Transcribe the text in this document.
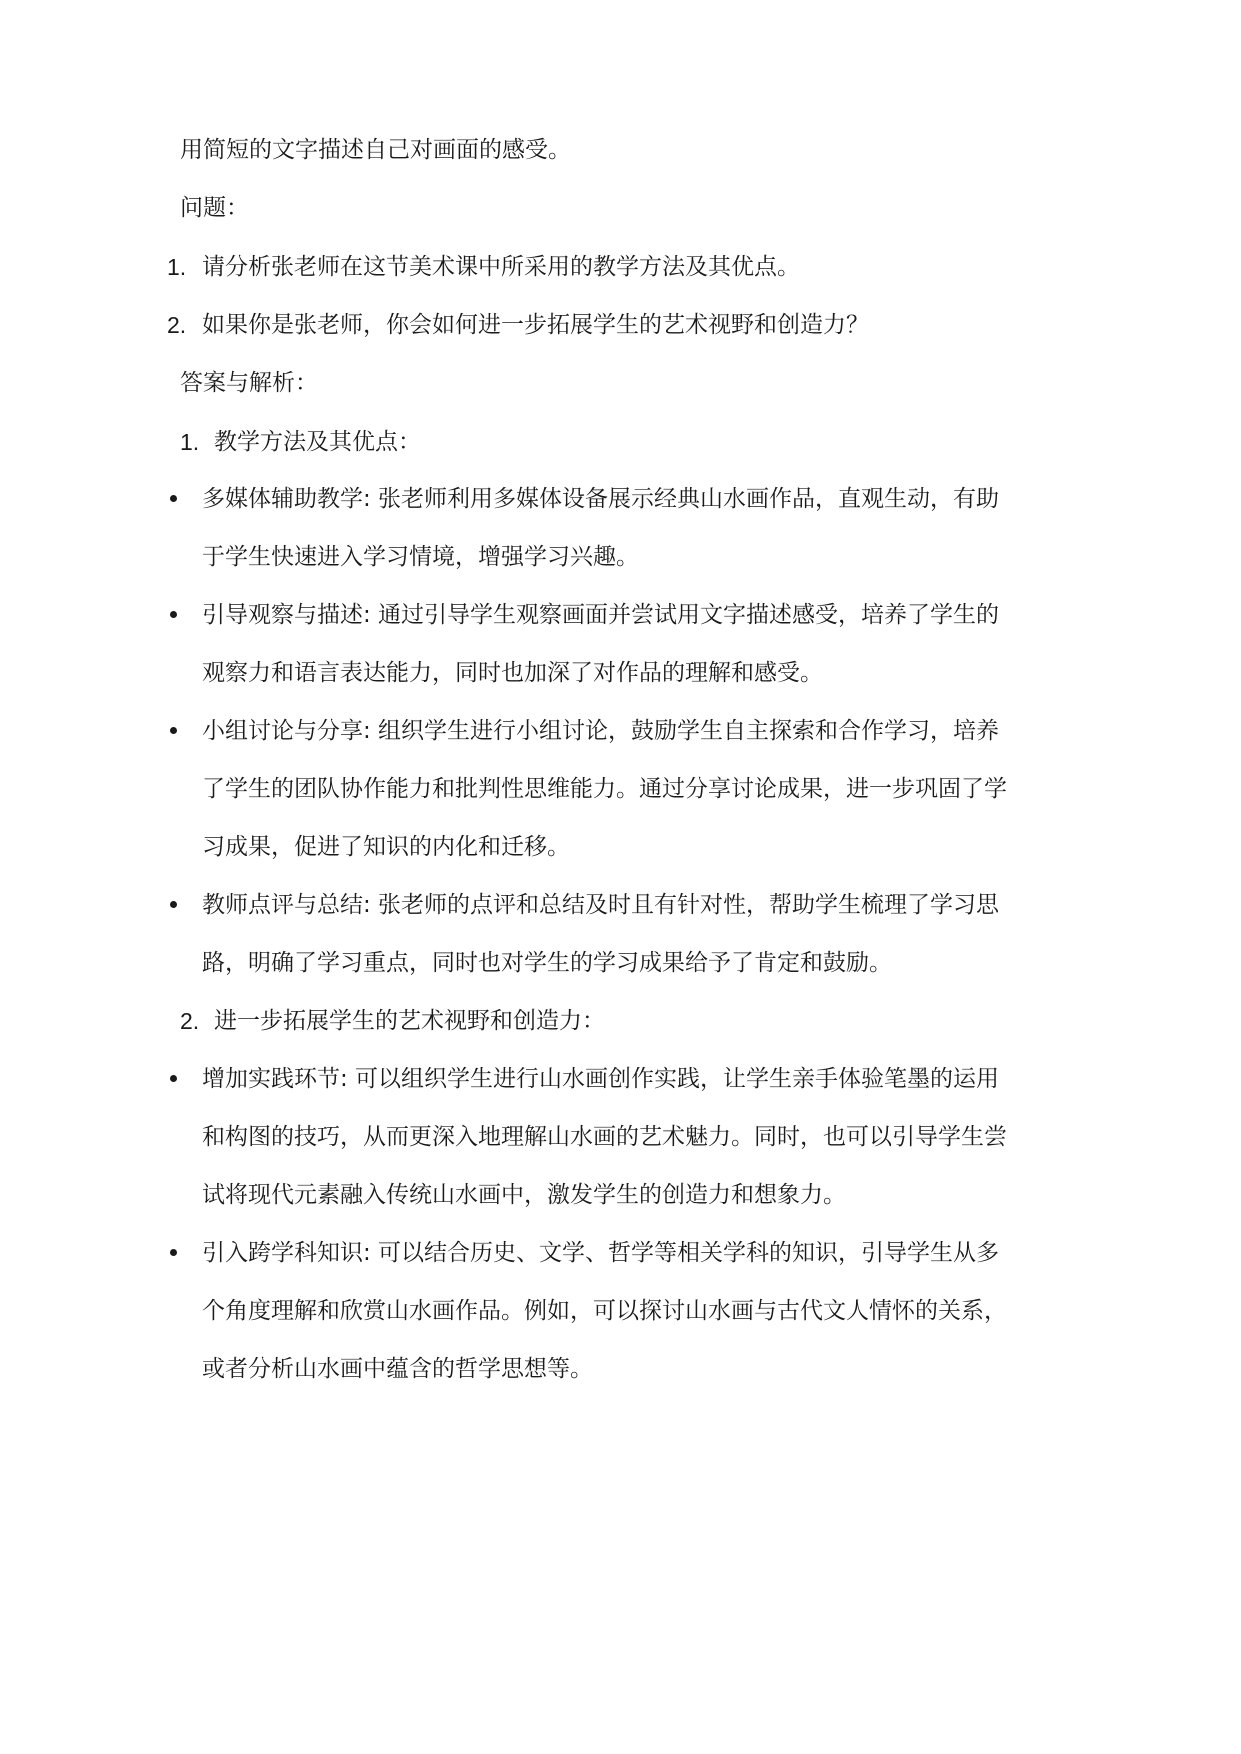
用简短的文字描述自己对画面的感受。
问题：
1. 请分析张老师在这节美术课中所采用的教学方法及其优点。
2. 如果你是张老师，你会如何进一步拓展学生的艺术视野和创造力？
答案与解析：
1. 教学方法及其优点：
多媒体辅助教学: 张老师利用多媒体设备展示经典山水画作品，直观生动，有助
于学生快速进入学习情境，增强学习兴趣。
引导观察与描述: 通过引导学生观察画面并尝试用文字描述感受，培养了学生的
观察力和语言表达能力，同时也加深了对作品的理解和感受。
小组讨论与分享: 组织学生进行小组讨论，鼓励学生自主探索和合作学习，培养
了学生的团队协作能力和批判性思维能力。通过分享讨论成果，进一步巩固了学
习成果，促进了知识的内化和迁移。
教师点评与总结: 张老师的点评和总结及时且有针对性，帮助学生梳理了学习思
路，明确了学习重点，同时也对学生的学习成果给予了肯定和鼓励。
2. 进一步拓展学生的艺术视野和创造力：
增加实践环节: 可以组织学生进行山水画创作实践，让学生亲手体验笔墨的运用
和构图的技巧，从而更深入地理解山水画的艺术魅力。同时，也可以引导学生尝
试将现代元素融入传统山水画中，激发学生的创造力和想象力。
引入跨学科知识: 可以结合历史、文学、哲学等相关学科的知识，引导学生从多
个角度理解和欣赏山水画作品。例如，可以探讨山水画与古代文人情怀的关系，
或者分析山水画中蕴含的哲学思想等。
